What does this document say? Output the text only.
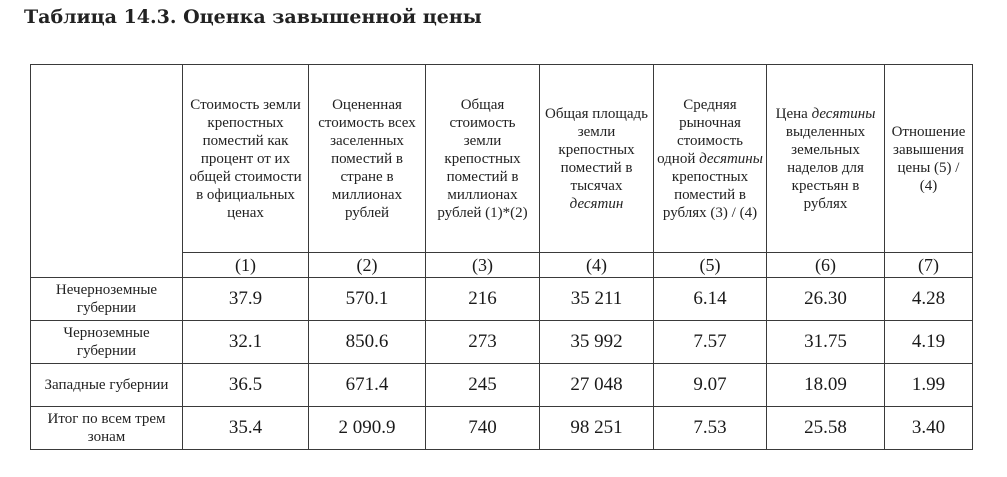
Таблица 14.3. Оценка завышенной цены
	Стоимость земли крепостных поместий как процент от их общей стоимости в официальных ценах	Оцененная стоимость всех заселенных поместий в стране в миллионах рублей	Общая стоимость земли крепостных поместий в миллионах рублей (1)*(2)	Общая площадь земли крепостных поместий в тысячах десятин	Средняя рыночная стоимость одной десятины крепостных поместий в рублях (3) / (4)	Цена десятины выделенных земельных наделов для крестьян в рублях	Отношение завышения цены (5) / (4)
	(1)	(2)	(3)	(4)	(5)	(6)	(7)
Нечерноземные губернии	37.9	570.1	216	35 211	6.14	26.30	4.28
Черноземные губернии	32.1	850.6	273	35 992	7.57	31.75	4.19
Западные губернии	36.5	671.4	245	27 048	9.07	18.09	1.99
Итог по всем трем зонам	35.4	2 090.9	740	98 251	7.53	25.58	3.40
